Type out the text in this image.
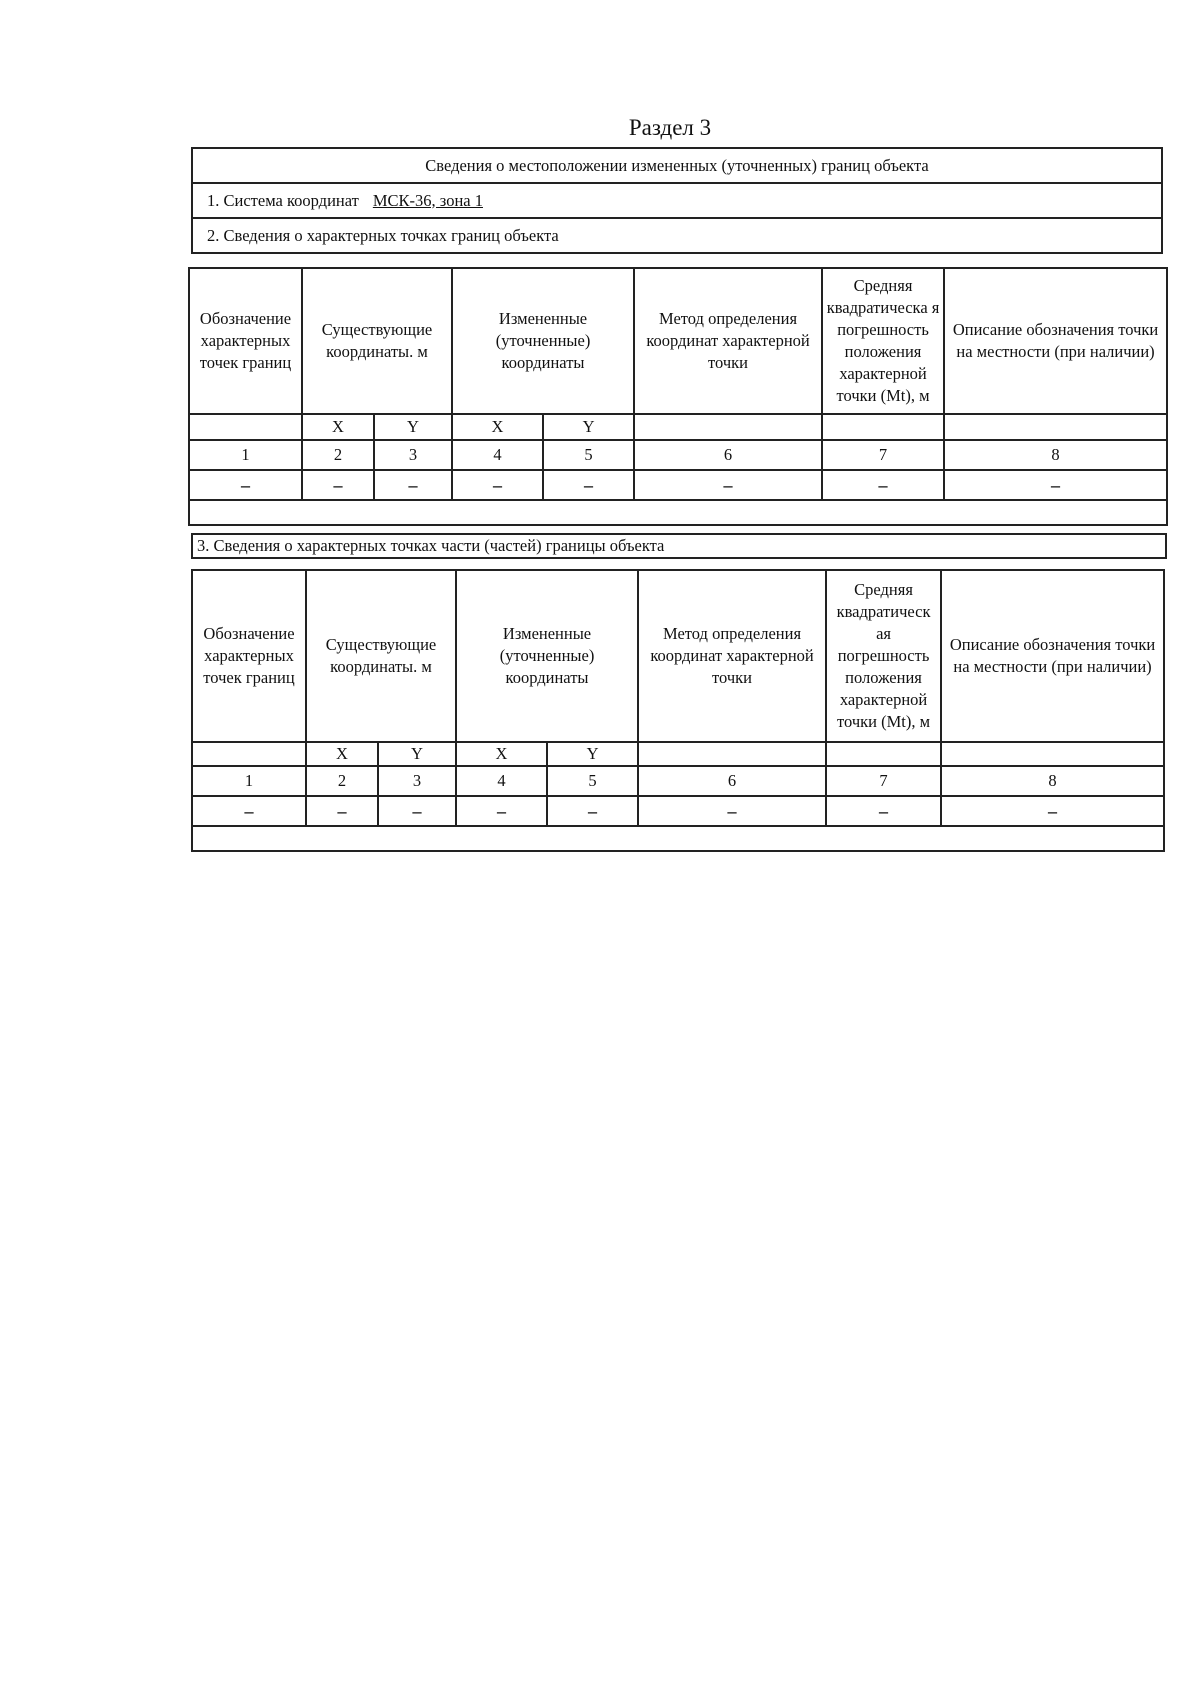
Раздел 3
Сведения о местоположении измененных (уточненных) границ объекта
1. Система координат МСК-36, зона 1
2. Сведения о характерных точках границ объекта
Обозначение характерных точек границ	Существующие координаты. м		Измененные (уточненные) координаты		Метод определения координат характерной точки	Средняя квадратическа я погрешность положения характерной точки (Mt), м	Описание обозначения точки на местности (при наличии)
	X	Y	X	Y			
1	2	3	4	5	6	7	8
–	–	–	–	–	–	–	–

3. Сведения о характерных точках части (частей) границы объекта
Обозначение характерных точек границ	Существующие координаты. м		Измененные (уточненные) координаты		Метод определения координат характерной точки	Средняя квадратическ ая погрешность положения характерной точки (Mt), м	Описание обозначения точки на местности (при наличии)
	X	Y	X	Y			
1	2	3	4	5	6	7	8
–	–	–	–	–	–	–	–
